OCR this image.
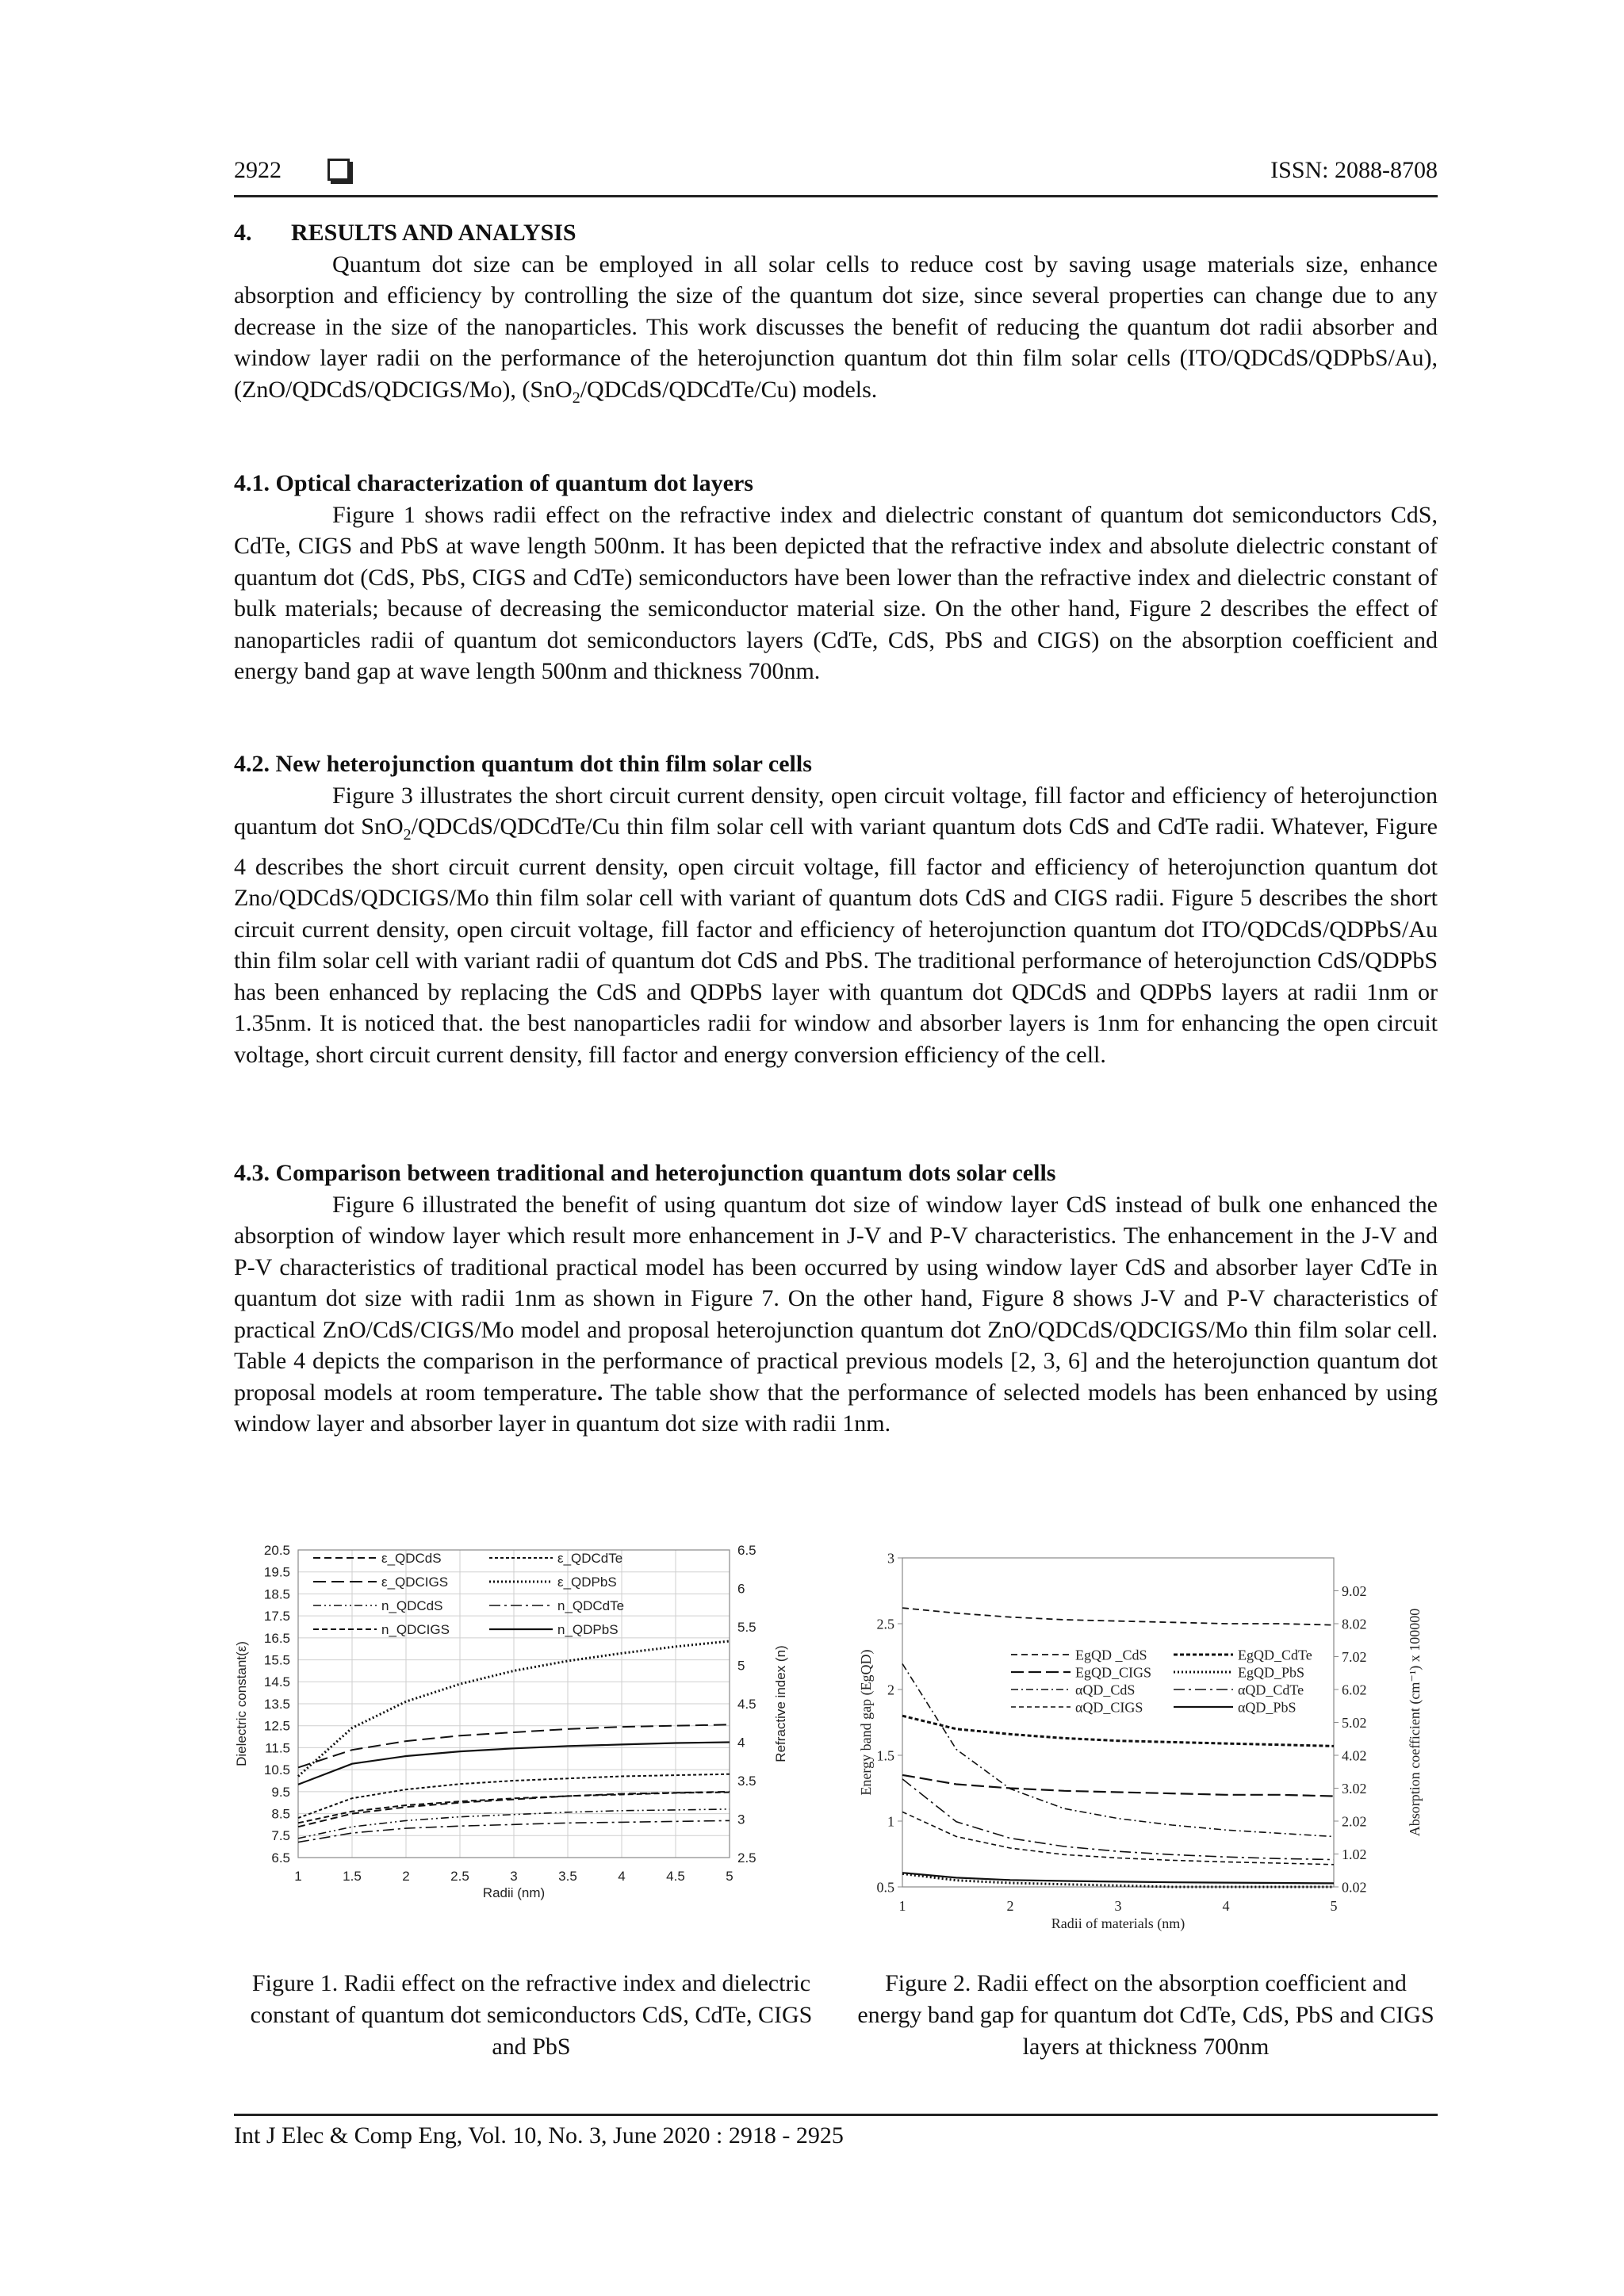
2922	ISSN: 2088-8708
4. RESULTS AND ANALYSIS

Quantum dot size can be employed in all solar cells to reduce cost by saving usage materials size, enhance absorption and efficiency by controlling the size of the quantum dot size, since several properties can change due to any decrease in the size of the nanoparticles. This work discusses the benefit of reducing the quantum dot radii absorber and window layer radii on the performance of the heterojunction quantum dot thin film solar cells (ITO/QDCdS/QDPbS/Au), (ZnO/QDCdS/QDCIGS/Mo), (SnO$_2$/QDCdS/QDCdTe/Cu) models.

4.1. Optical characterization of quantum dot layers

Figure 1 shows radii effect on the refractive index and dielectric constant of quantum dot semiconductors CdS, CdTe, CIGS and PbS at wave length 500nm. It has been depicted that the refractive index and absolute dielectric constant of quantum dot (CdS, PbS, CIGS and CdTe) semiconductors have been lower than the refractive index and dielectric constant of bulk materials; because of decreasing the semiconductor material size. On the other hand, Figure 2 describes the effect of nanoparticles radii of quantum dot semiconductors layers (CdTe, CdS, PbS and CIGS) on the absorption coefficient and energy band gap at wave length 500nm and thickness 700nm.

4.2. New heterojunction quantum dot thin film solar cells

Figure 3 illustrates the short circuit current density, open circuit voltage, fill factor and efficiency of heterojunction quantum dot SnO$_2$/QDCdS/QDCdTe/Cu thin film solar cell with variant quantum dots CdS and CdTe radii. Whatever, Figure 4 describes the short circuit current density, open circuit voltage, fill factor and efficiency of heterojunction quantum dot Zno/QDCdS/QDCIGS/Mo thin film solar cell with variant of quantum dots CdS and CIGS radii. Figure 5 describes the short circuit current density, open circuit voltage, fill factor and efficiency of heterojunction quantum dot ITO/QDCdS/QDPbS/Au thin film solar cell with variant radii of quantum dot CdS and PbS. The traditional performance of heterojunction CdS/QDPbS has been enhanced by replacing the CdS and QDPbS layer with quantum dot QDCdS and QDPbS layers at radii 1nm or 1.35nm. It is noticed that. the best nanoparticles radii for window and absorber layers is 1nm for enhancing the open circuit voltage, short circuit current density, fill factor and energy conversion efficiency of the cell.

4.3. Comparison between traditional and heterojunction quantum dots solar cells

Figure 6 illustrated the benefit of using quantum dot size of window layer CdS instead of bulk one enhanced the absorption of window layer which result more enhancement in J-V and P-V characteristics. The enhancement in the J-V and P-V characteristics of traditional practical model has been occurred by using window layer CdS and absorber layer CdTe in quantum dot size with radii 1nm as shown in Figure 7. On the other hand, Figure 8 shows J-V and P-V characteristics of practical ZnO/CdS/CIGS/Mo model and proposal heterojunction quantum dot ZnO/QDCdS/QDCIGS/Mo thin film solar cell. Table 4 depicts the comparison in the performance of practical previous models [2, 3, 6] and the heterojunction quantum dot proposal models at room temperature. The table show that the performance of selected models has been enhanced by using window layer and absorber layer in quantum dot size with radii 1nm.

6.5
7.5
8.5
9.5
10.5
11.5
12.5
13.5
14.5
15.5
16.5
17.5
18.5
19.5
20.5
2.5
3
3.5
4
4.5
5
5.5
6
6.5
1	1.5	2	2.5	3	3.5	4	4.5	5
Radii (nm)
Dielectric constant(ε)	Refractive index (n)
ε_QDCdS	ε_QDCdTe
ε_QDCIGS	ε_QDPbS
n_QDCdS	n_QDCdTe
n_QDCIGS	n_QDPbS
Figure 1. Radii effect on the refractive index and dielectric constant of quantum dot semiconductors CdS, CdTe, CIGS and PbS
0.5
1
1.5
2
2.5
3
0.02
1.02
2.02
3.02
4.02
5.02
6.02
7.02
8.02
9.02
1	2	3	4	5
Radii of materials (nm)
Energy band gap (EgQD)	Absorption coefficient (cm⁻¹) x 100000
EgQD _CdS	EgQD_CdTe
EgQD_CIGS	EgQD_PbS
αQD_CdS	αQD_CdTe
αQD_CIGS	αQD_PbS
Figure 2. Radii effect on the absorption coefficient and energy band gap for quantum dot CdTe, CdS, PbS and CIGS layers at thickness 700nm
Int J Elec & Comp Eng, Vol. 10, No. 3, June 2020 : 2918 - 2925
